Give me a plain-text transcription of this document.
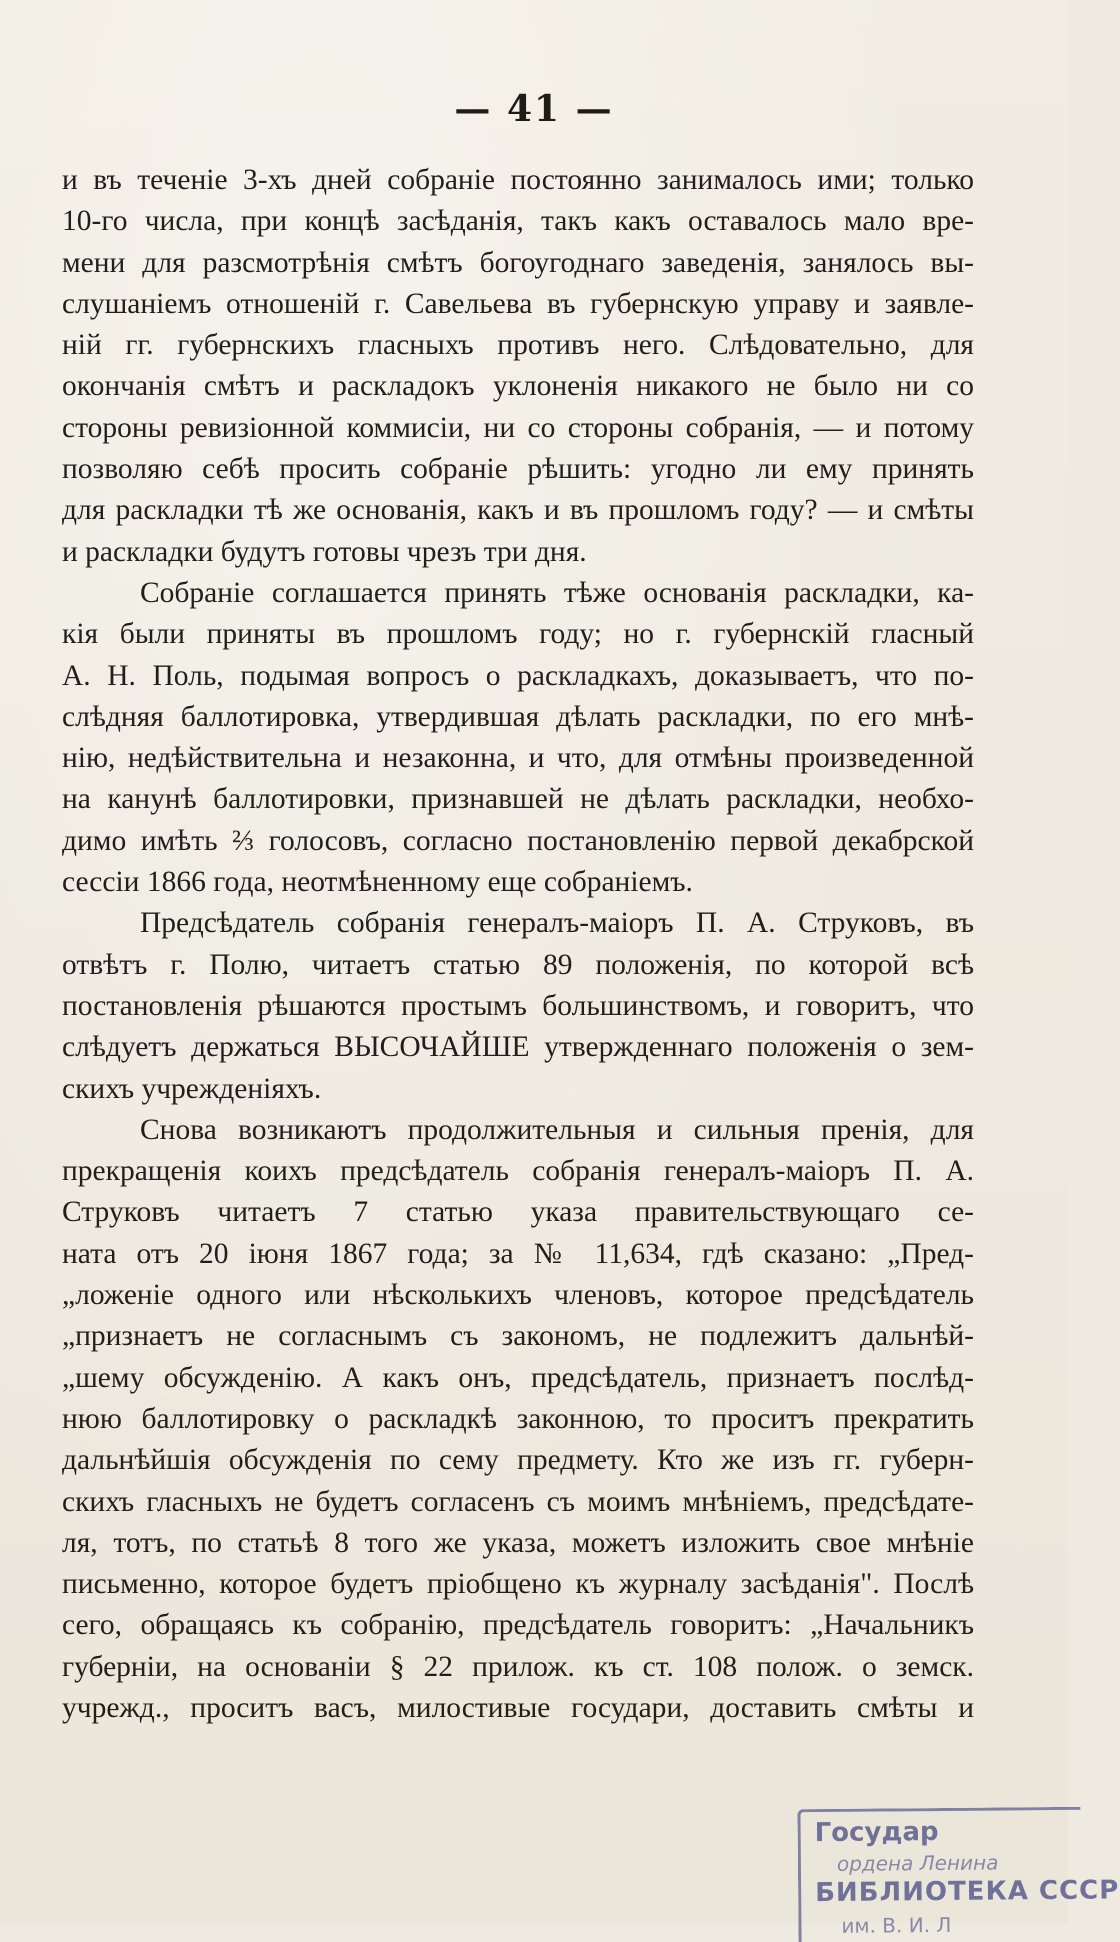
— 41 —
и въ теченіе 3-хъ дней собраніе постоянно занималось ими; только
10-го числа, при концѣ засѣданія, такъ какъ оставалось мало вре-
мени для разсмотрѣнія смѣтъ богоугоднаго заведенія, занялось вы-
слушаніемъ отношеній г. Савельева въ губернскую управу и заявле-
ній гг. губернскихъ гласныхъ противъ него. Слѣдовательно, для
окончанія смѣтъ и раскладокъ уклоненія никакого не было ни со
стороны ревизіонной коммисіи, ни со стороны собранія, — и потому
позволяю себѣ просить собраніе рѣшить: угодно ли ему принять
для раскладки тѣ же основанія, какъ и въ прошломъ году? — и смѣты
и раскладки будутъ готовы чрезъ три дня.
Собраніе соглашается принять тѣже основанія раскладки, ка-
кія были приняты въ прошломъ году; но г. губернскій гласный
А. Н. Поль, подымая вопросъ о раскладкахъ, доказываетъ, что по-
слѣдняя баллотировка, утвердившая дѣлать раскладки, по его мнѣ-
нію, недѣйствительна и незаконна, и что, для отмѣны произведенной
на канунѣ баллотировки, признавшей не дѣлать раскладки, необхо-
димо имѣть ⅔ голосовъ, согласно постановленію первой декабрской
сессіи 1866 года, неотмѣненному еще собраніемъ.
Предсѣдатель собранія генералъ-маіоръ П. А. Струковъ, въ
отвѣтъ г. Полю, читаетъ статью 89 положенія, по которой всѣ
постановленія рѣшаются простымъ большинствомъ, и говоритъ, что
слѣдуетъ держаться ВЫСОЧАЙШЕ утвержденнаго положенія о зем-
скихъ учрежденіяхъ.
Снова возникаютъ продолжительныя и сильныя пренія, для
прекращенія коихъ предсѣдатель собранія генералъ-маіоръ П. А.
Струковъ читаетъ 7 статью указа правительствующаго се-
ната отъ 20 іюня 1867 года; за № 11,634, гдѣ сказано: „Пред-
„ложеніе одного или нѣсколькихъ членовъ, которое предсѣдатель
„признаетъ не согласнымъ съ закономъ, не подлежитъ дальнѣй-
„шему обсужденію. А какъ онъ, предсѣдатель, признаетъ послѣд-
нюю баллотировку о раскладкѣ законною, то проситъ прекратить
дальнѣйшія обсужденія по сему предмету. Кто же изъ гг. губерн-
скихъ гласныхъ не будетъ согласенъ съ моимъ мнѣніемъ, предсѣдате-
ля, тотъ, по статьѣ 8 того же указа, можетъ изложить свое мнѣніе
письменно, которое будетъ пріобщено къ журналу засѣданія". Послѣ
сего, обращаясь къ собранію, предсѣдатель говоритъ: „Начальникъ
губерніи, на основаніи § 22 прилож. къ ст. 108 полож. о земск.
учрежд., проситъ васъ, милостивые государи, доставить смѣты и
Государ
ордена Ленина
БИБЛИОТЕКА СССР
им. В. И. Л
